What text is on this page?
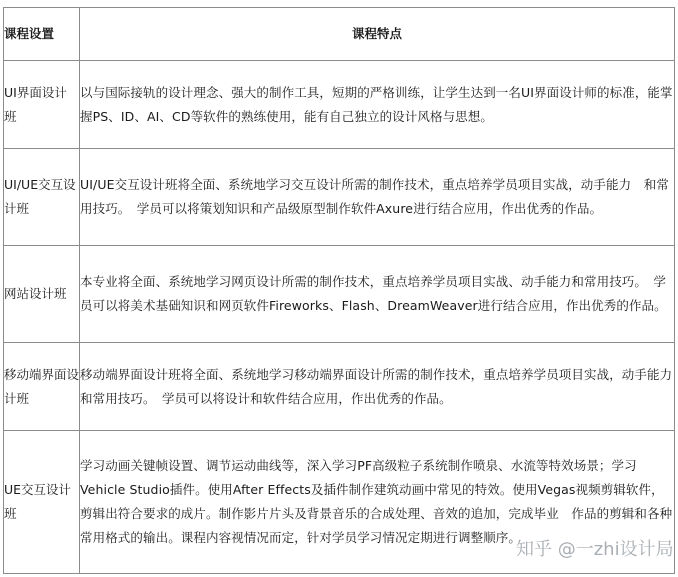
课程设置	课程特点
UI界面设计班	以与国际接轨的设计理念、强大的制作工具，短期的严格训练，让学生达到一名UI界面设计师的标准，能掌握PS、ID、AI、CD等软件的熟练使用，能有自己独立的设计风格与思想。
UI/UE交互设计班	UI/UE交互设计班将全面、系统地学习交互设计所需的制作技术，重点培养学员项目实战，动手能力　和常用技巧。　学员可以将策划知识和产品级原型制作软件Axure进行结合应用，作出优秀的作品。
网站设计班	本专业将全面、系统地学习网页设计所需的制作技术，重点培养学员项目实战、动手能力和常用技巧。　学员可以将美术基础知识和网页软件Fireworks、Flash、DreamWeaver进行结合应用，作出优秀的作品。
移动端界面设计班	移动端界面设计班将全面、系统地学习移动端界面设计所需的制作技术，重点培养学员项目实战，动手能力和常用技巧。　学员可以将设计和软件结合应用，作出优秀的作品。
UE交互设计班	学习动画关键帧设置、调节运动曲线等，深入学习PF高级粒子系统制作喷泉、水流等特效场景；学习Vehicle Studio插件。使用After Effects及插件制作建筑动画中常见的特效。使用Vegas视频剪辑软件，剪辑出符合要求的成片。制作影片片头及背景音乐的合成处理、音效的追加，完成毕业　作品的剪辑和各种常用格式的输出。课程内容视情况而定，针对学员学习情况定期进行调整顺序。
知乎 @一zhi设计局
